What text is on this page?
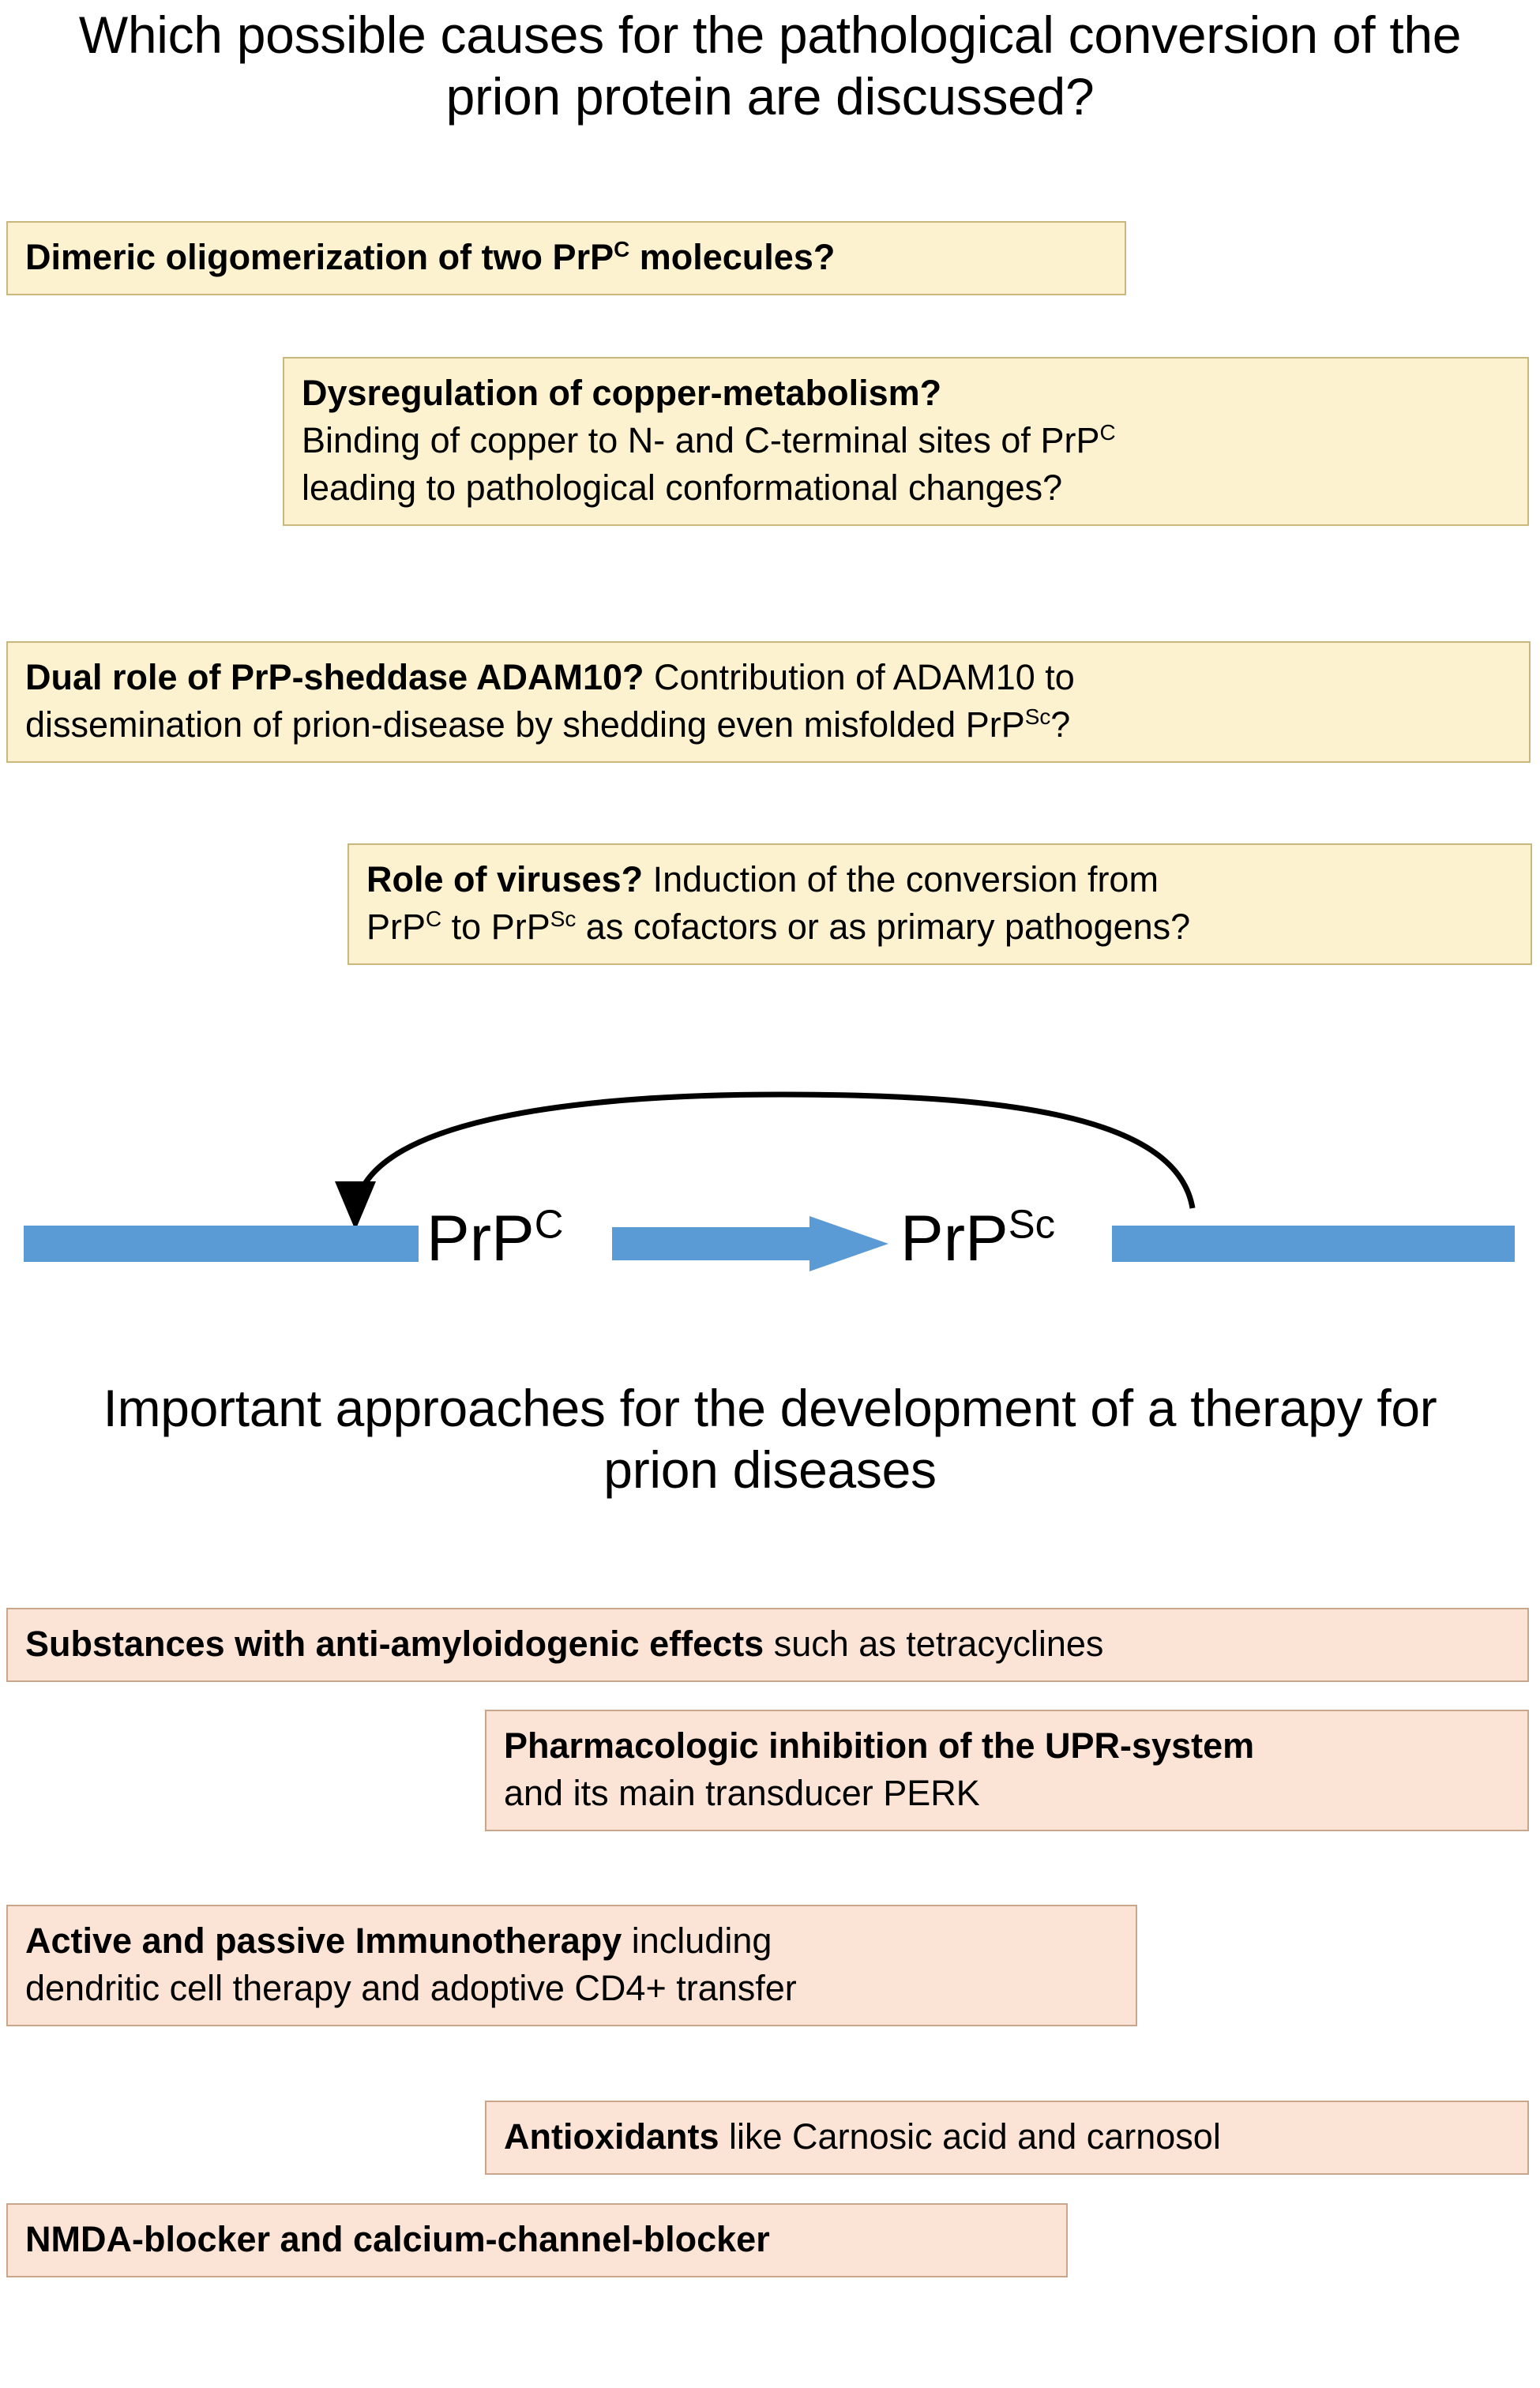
Which possible causes for the pathological conversion of the prion protein are discussed?
Dimeric oligomerization of two PrP$^C$ molecules?
Dysregulation of copper-metabolism?
Binding of copper to N- and C-terminal sites of PrP$^C$
leading to pathological conformational changes?
Dual role of PrP-sheddase ADAM10? Contribution of ADAM10 to
dissemination of prion-disease by shedding even misfolded PrP$^{Sc}$?
Role of viruses? Induction of the conversion from
PrP$^C$ to PrP$^{Sc}$ as cofactors or as primary pathogens?
PrP$^C$	PrP$^{Sc}$
Important approaches for the development of a therapy for prion diseases
Substances with anti-amyloidogenic effects such as tetracyclines
Pharmacologic inhibition of the UPR-system
and its main transducer PERK
Active and passive Immunotherapy including
dendritic cell therapy and adoptive CD4+ transfer
Antioxidants like Carnosic acid and carnosol
NMDA-blocker and calcium-channel-blocker
